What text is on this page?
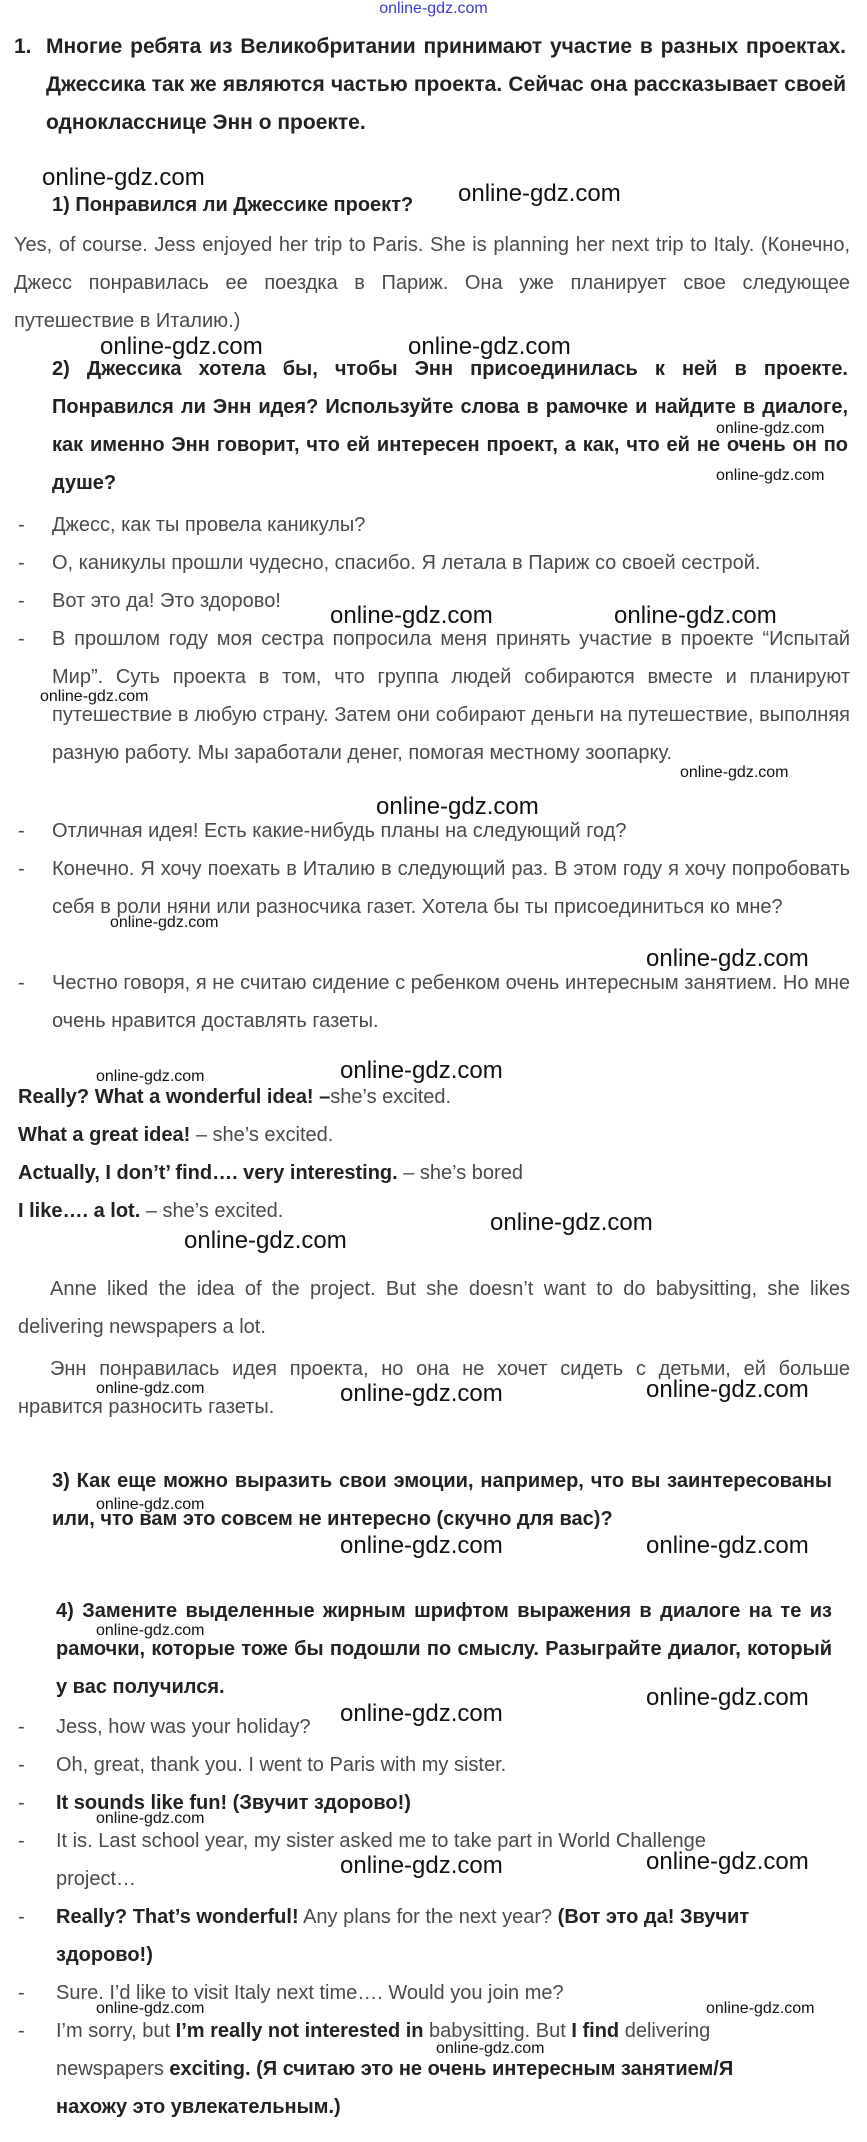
online-gdz.com
1. Многие ребята из Великобритании принимают участие в разных проектах. Джессика так же являются частью проекта. Сейчас она рассказывает своей однокласснице Энн о проекте.
1) Понравился ли Джессике проект?
Yes, of course. Jess enjoyed her trip to Paris. She is planning her next trip to Italy. (Конечно, Джесс понравилась ее поездка в Париж. Она уже планирует свое следующее путешествие в Италию.)
2) Джессика хотела бы, чтобы Энн присоединилась к ней в проекте. Понравился ли Энн идея? Используйте слова в рамочке и найдите в диалоге, как именно Энн говорит, что ей интересен проект, а как, что ей не очень он по душе?
- Джесс, как ты провела каникулы?
- О, каникулы прошли чудесно, спасибо. Я летала в Париж со своей сестрой.
- Вот это да! Это здорово!
- В прошлом году моя сестра попросила меня принять участие в проекте “Испытай Мир”. Суть проекта в том, что группа людей собираются вместе и планируют путешествие в любую страну. Затем они собирают деньги на путешествие, выполняя разную работу. Мы заработали денег, помогая местному зоопарку.
- Отличная идея! Есть какие-нибудь планы на следующий год?
- Конечно. Я хочу поехать в Италию в следующий раз. В этом году я хочу попробовать себя в роли няни или разносчика газет. Хотела бы ты присоединиться ко мне?
- Честно говоря, я не считаю сидение с ребенком очень интересным занятием. Но мне очень нравится доставлять газеты.
Really? What a wonderful idea! –she’s excited.
What a great idea! – she’s excited.
Actually, I don’t’ find…. very interesting. – she’s bored
I like…. a lot. – she’s excited.
Anne liked the idea of the project. But she doesn’t want to do babysitting, she likes delivering newspapers a lot.
Энн понравилась идея проекта, но она не хочет сидеть с детьми, ей больше нравится разносить газеты.
3) Как еще можно выразить свои эмоции, например, что вы заинтересованы или, что вам это совсем не интересно (скучно для вас)?
4) Замените выделенные жирным шрифтом выражения в диалоге на те из рамочки, которые тоже бы подошли по смыслу. Разыграйте диалог, который у вас получился.
- Jess, how was your holiday?
- Oh, great, thank you. I went to Paris with my sister.
- It sounds like fun! (Звучит здорово!)
- It is. Last school year, my sister asked me to take part in World Challenge
project…
- Really? That’s wonderful! Any plans for the next year? (Вот это да! Звучит
здорово!)
- Sure. I’d like to visit Italy next time…. Would you join me?
- I’m sorry, but I’m really not interested in babysitting. But I find delivering
newspapers exciting. (Я считаю это не очень интересным занятием/Я
нахожу это увлекательным.)
online-gdz.com
online-gdz.com
online-gdz.com	online-gdz.com
online-gdz.com	online-gdz.com
online-gdz.com
online-gdz.com
online-gdz.com
online-gdz.com
online-gdz.com
online-gdz.com	online-gdz.com
online-gdz.com	online-gdz.com
online-gdz.com
online-gdz.com
online-gdz.com	online-gdz.com
online-gdz.com
online-gdz.com
online-gdz.com
online-gdz.com
online-gdz.com
online-gdz.com
online-gdz.com
online-gdz.com
online-gdz.com
online-gdz.com
online-gdz.com	online-gdz.com
online-gdz.com
